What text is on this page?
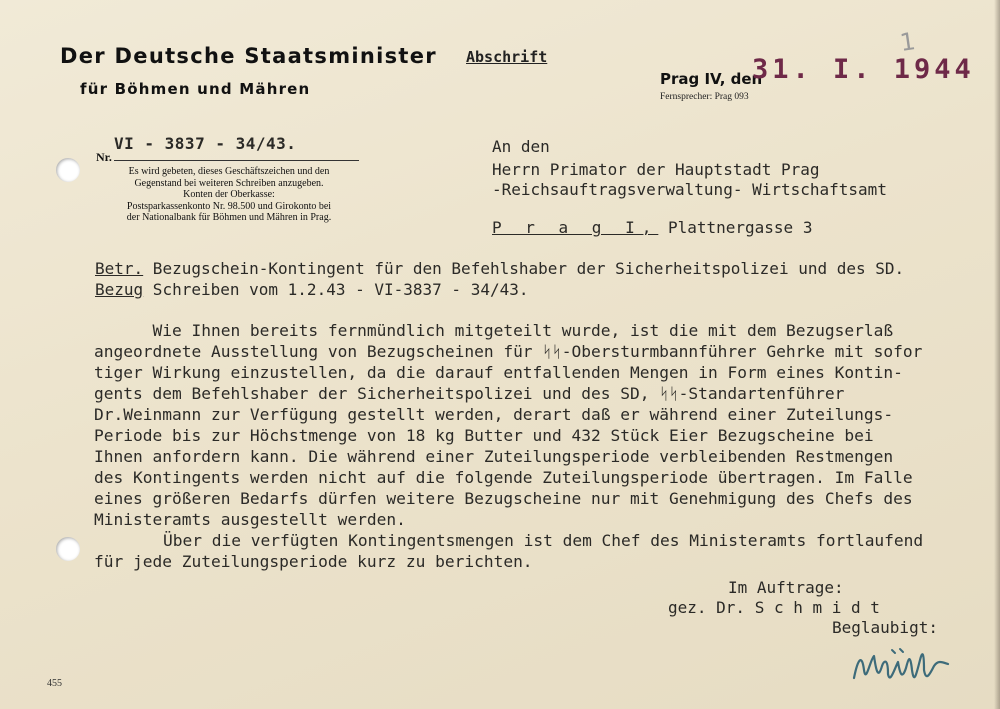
Der Deutsche Staatsminister
für Böhmen und Mähren
Abschrift
Prag IV, den
31. I. 1944
1
Fernsprecher: Prag 093
Nr.
VI - 3837 - 34/43.
Es wird gebeten, dieses Geschäftszeichen und den
Gegenstand bei weiteren Schreiben anzugeben.
Konten der Oberkasse:
Postsparkassenkonto Nr. 98.500 und Girokonto bei
der Nationalbank für Böhmen und Mähren in Prag.
An den
Herrn Primator der Hauptstadt Prag
-Reichsauftragsverwaltung- Wirtschaftsamt
P r a g I, Plattnergasse 3
Betr. Bezugschein-Kontingent für den Befehlshaber der Sicherheitspolizei und des SD.
Bezug Schreiben vom 1.2.43 - VI-3837 - 34/43.
Wie Ihnen bereits fernmündlich mitgeteilt wurde, ist die mit dem Bezugserlaß
angeordnete Ausstellung von Bezugscheinen für ᛋᛋ-Obersturmbannführer Gehrke mit sofor
tiger Wirkung einzustellen, da die darauf entfallenden Mengen in Form eines Kontin-
gents dem Befehlshaber der Sicherheitspolizei und des SD, ᛋᛋ-Standartenführer
Dr.Weinmann zur Verfügung gestellt werden, derart daß er während einer Zuteilungs-
Periode bis zur Höchstmenge von 18 kg Butter und 432 Stück Eier Bezugscheine bei
Ihnen anfordern kann. Die während einer Zuteilungsperiode verbleibenden Restmengen
des Kontingents werden nicht auf die folgende Zuteilungsperiode übertragen. Im Falle
eines größeren Bedarfs dürfen weitere Bezugscheine nur mit Genehmigung des Chefs des
Ministeramts ausgestellt werden.
Über die verfügten Kontingentsmengen ist dem Chef des Ministeramts fortlaufend
für jede Zuteilungsperiode kurz zu berichten.
Im Auftrage:
gez. Dr. S c h m i d t
Beglaubigt:
455
